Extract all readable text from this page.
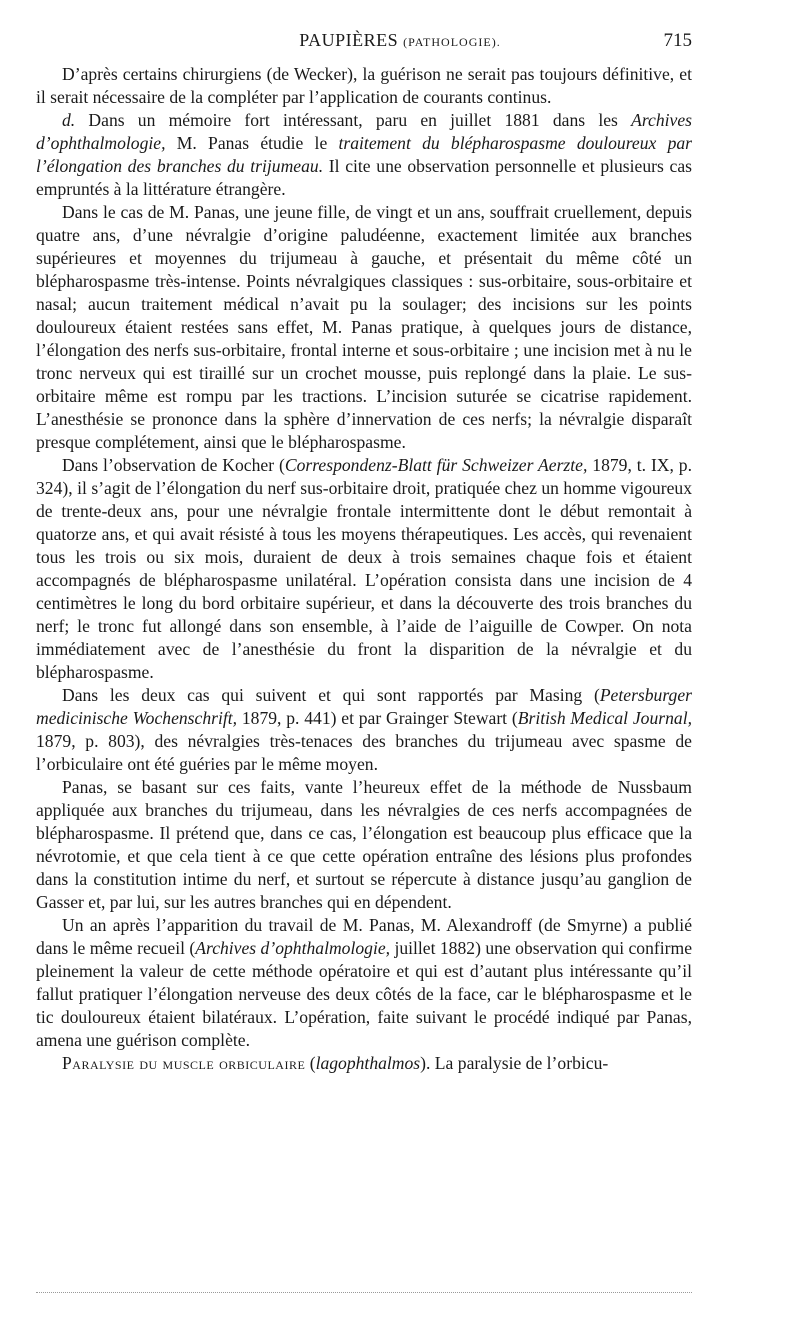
PAUPIÈRES (PATHOLOGIE).	715

D’après certains chirurgiens (de Wecker), la guérison ne serait pas toujours définitive, et il serait nécessaire de la compléter par l’application de courants continus.

d. Dans un mémoire fort intéressant, paru en juillet 1881 dans les Archives d’ophthalmologie, M. Panas étudie le traitement du blépharospasme douloureux par l’élongation des branches du trijumeau. Il cite une observation personnelle et plusieurs cas empruntés à la littérature étrangère.

Dans le cas de M. Panas, une jeune fille, de vingt et un ans, souffrait cruellement, depuis quatre ans, d’une névralgie d’origine paludéenne, exactement limitée aux branches supérieures et moyennes du trijumeau à gauche, et présentait du même côté un blépharospasme très-intense. Points névralgiques classiques : sus-orbitaire, sous-orbitaire et nasal; aucun traitement médical n’avait pu la soulager; des incisions sur les points douloureux étaient restées sans effet, M. Panas pratique, à quelques jours de distance, l’élongation des nerfs sus-orbitaire, frontal interne et sous-orbitaire ; une incision met à nu le tronc nerveux qui est tiraillé sur un crochet mousse, puis replongé dans la plaie. Le sus-orbitaire même est rompu par les tractions. L’incision suturée se cicatrise rapidement. L’anesthésie se prononce dans la sphère d’innervation de ces nerfs; la névralgie disparaît presque complétement, ainsi que le blépharospasme.

Dans l’observation de Kocher (Correspondenz-Blatt für Schweizer Aerzte, 1879, t. IX, p. 324), il s’agit de l’élongation du nerf sus-orbitaire droit, pratiquée chez un homme vigoureux de trente-deux ans, pour une névralgie frontale intermittente dont le début remontait à quatorze ans, et qui avait résisté à tous les moyens thérapeutiques. Les accès, qui revenaient tous les trois ou six mois, duraient de deux à trois semaines chaque fois et étaient accompagnés de blépharospasme unilatéral. L’opération consista dans une incision de 4 centimètres le long du bord orbitaire supérieur, et dans la découverte des trois branches du nerf; le tronc fut allongé dans son ensemble, à l’aide de l’aiguille de Cowper. On nota immédiatement avec de l’anesthésie du front la disparition de la névralgie et du blépharospasme.

Dans les deux cas qui suivent et qui sont rapportés par Masing (Petersburger medicinische Wochenschrift, 1879, p. 441) et par Grainger Stewart (British Medical Journal, 1879, p. 803), des névralgies très-tenaces des branches du trijumeau avec spasme de l’orbiculaire ont été guéries par le même moyen.

Panas, se basant sur ces faits, vante l’heureux effet de la méthode de Nussbaum appliquée aux branches du trijumeau, dans les névralgies de ces nerfs accompagnées de blépharospasme. Il prétend que, dans ce cas, l’élongation est beaucoup plus efficace que la névrotomie, et que cela tient à ce que cette opération entraîne des lésions plus profondes dans la constitution intime du nerf, et surtout se répercute à distance jusqu’au ganglion de Gasser et, par lui, sur les autres branches qui en dépendent.

Un an après l’apparition du travail de M. Panas, M. Alexandroff (de Smyrne) a publié dans le même recueil (Archives d’ophthalmologie, juillet 1882) une observation qui confirme pleinement la valeur de cette méthode opératoire et qui est d’autant plus intéressante qu’il fallut pratiquer l’élongation nerveuse des deux côtés de la face, car le blépharospasme et le tic douloureux étaient bilatéraux. L’opération, faite suivant le procédé indiqué par Panas, amena une guérison complète.

Paralysie du muscle orbiculaire (lagophthalmos). La paralysie de l’orbicu-
